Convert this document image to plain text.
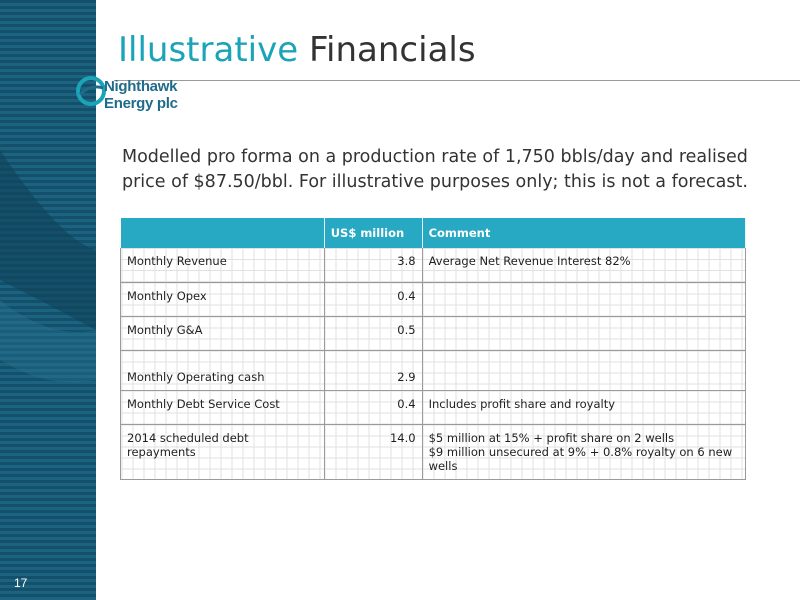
17
Illustrative Financials
Nighthawk
Energy plc

Modelled pro forma on a production rate of 1,750 bbls/day and realised price of $87.50/bbl. For illustrative purposes only; this is not a forecast.

	US$ million	Comment
Monthly Revenue	3.8	Average Net Revenue Interest 82%

Monthly Opex	0.4	
Monthly G&A	0.5	
Monthly Operating cash	2.9	
Monthly Debt Service Cost	0.4	Includes profit share and royalty

2014 scheduled debt repayments	14.0	$5 million at 15% + profit share on 2 wells
$9 million unsecured at 9% + 0.8% royalty on 6 new wells
